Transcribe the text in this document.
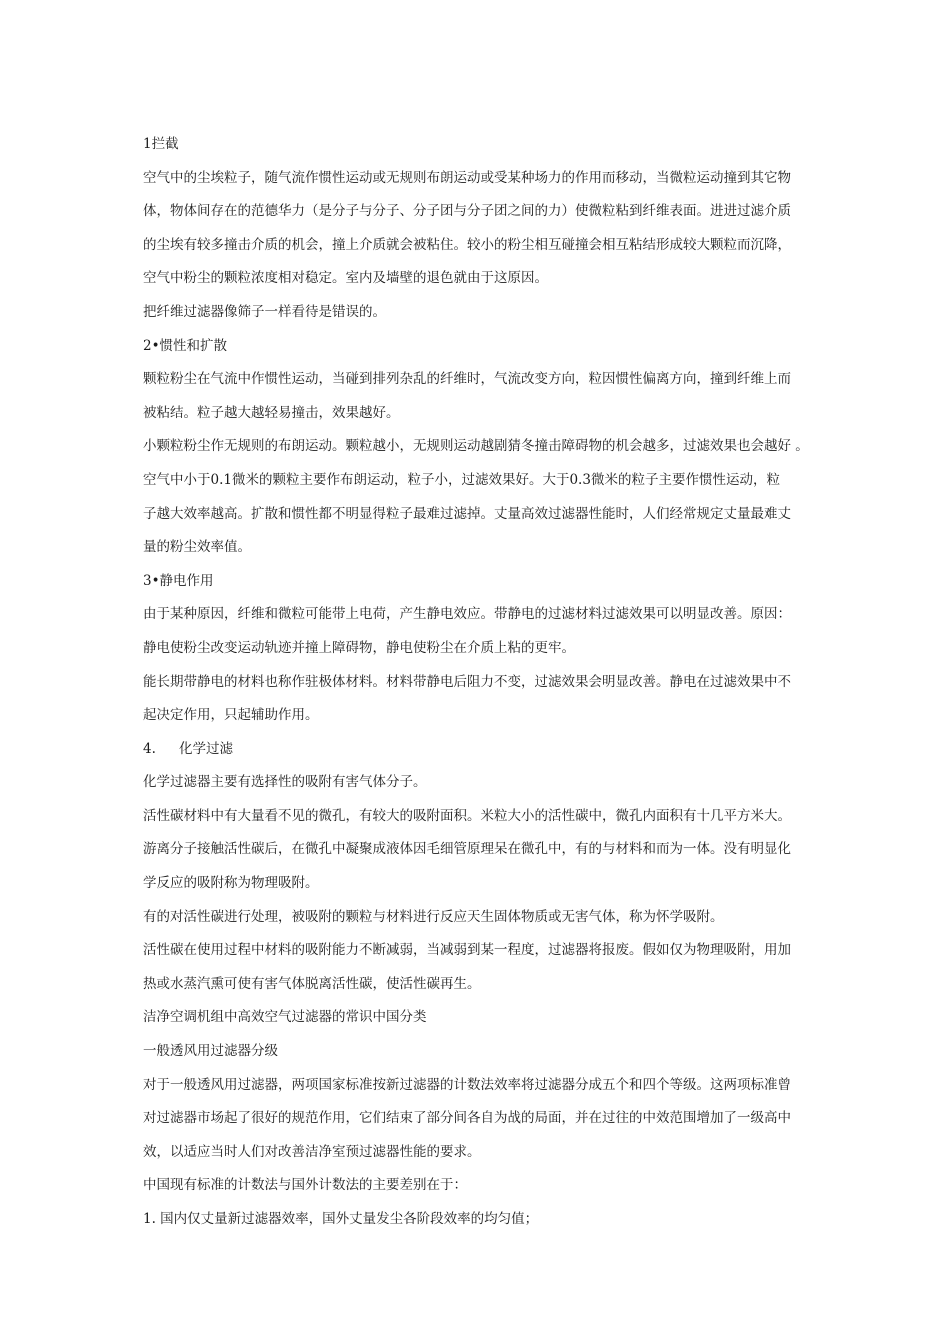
1拦截
空气中的尘埃粒子，随气流作惯性运动或无规则布朗运动或受某种场力的作用而移动，当微粒运动撞到其它物
体，物体间存在的范德华力（是分子与分子、分子团与分子团之间的力）使微粒粘到纤维表面。进进过滤介质
的尘埃有较多撞击介质的机会，撞上介质就会被粘住。较小的粉尘相互碰撞会相互粘结形成较大颗粒而沉降，
空气中粉尘的颗粒浓度相对稳定。室内及墙壁的退色就由于这原因。
把纤维过滤器像筛子一样看待是错误的。
2•惯性和扩散
颗粒粉尘在气流中作惯性运动，当碰到排列杂乱的纤维时，气流改变方向，粒因惯性偏离方向，撞到纤维上而
被粘结。粒子越大越轻易撞击，效果越好。
小颗粒粉尘作无规则的布朗运动。颗粒越小，无规则运动越剧猜冬撞击障碍物的机会越多，过滤效果也会越好 。
空气中小于0.1微米的颗粒主要作布朗运动，粒子小，过滤效果好。大于0.3微米的粒子主要作惯性运动，粒
子越大效率越高。扩散和惯性都不明显得粒子最难过滤掉。丈量高效过滤器性能时，人们经常规定丈量最难丈
量的粉尘效率值。
3•静电作用
由于某种原因，纤维和微粒可能带上电荷，产生静电效应。带静电的过滤材料过滤效果可以明显改善。原因：
静电使粉尘改变运动轨迹并撞上障碍物，静电使粉尘在介质上粘的更牢。
能长期带静电的材料也称作驻极体材料。材料带静电后阻力不变，过滤效果会明显改善。静电在过滤效果中不
起决定作用，只起辅助作用。
4. 化学过滤
化学过滤器主要有选择性的吸附有害气体分子。
活性碳材料中有大量看不见的微孔，有较大的吸附面积。米粒大小的活性碳中，微孔内面积有十几平方米大。
游离分子接触活性碳后，在微孔中凝聚成液体因毛细管原理呆在微孔中，有的与材料和而为一体。没有明显化
学反应的吸附称为物理吸附。
有的对活性碳进行处理，被吸附的颗粒与材料进行反应天生固体物质或无害气体，称为怀学吸附。
活性碳在使用过程中材料的吸附能力不断减弱，当减弱到某一程度，过滤器将报废。假如仅为物理吸附，用加
热或水蒸汽熏可使有害气体脱离活性碳，使活性碳再生。
洁净空调机组中高效空气过滤器的常识中国分类
一般透风用过滤器分级
对于一般透风用过滤器，两项国家标准按新过滤器的计数法效率将过滤器分成五个和四个等级。这两项标准曾
对过滤器市场起了很好的规范作用，它们结束了部分间各自为战的局面，并在过往的中效范围增加了一级高中
效，以适应当时人们对改善洁净室预过滤器性能的要求。
中国现有标准的计数法与国外计数法的主要差别在于：
1. 国内仅丈量新过滤器效率，国外丈量发尘各阶段效率的均匀值；
